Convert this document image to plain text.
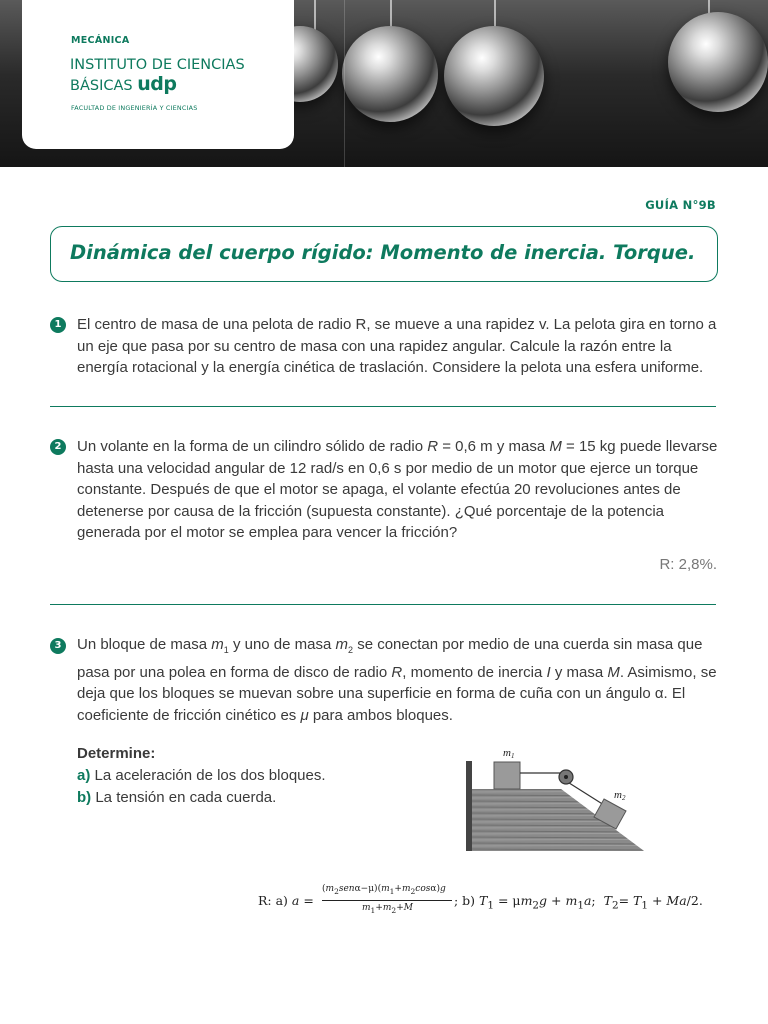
MECÁNICA
INSTITUTO DE CIENCIAS
BÁSICAS udp
FACULTAD DE INGENIERÍA Y CIENCIAS
GUÍA N°9B
Dinámica del cuerpo rígido: Momento de inercia. Torque.
1	El centro de masa de una pelota de radio R, se mueve a una rapidez v. La pelota gira en torno a un eje que pasa por su centro de masa con una rapidez angular. Calcule la razón entre la energía rotacional y la energía cinética de traslación. Considere la pelota una esfera uniforme.
2	Un volante en la forma de un cilindro sólido de radio R = 0,6 m y masa M = 15 kg puede llevarse hasta una velocidad angular de 12 rad/s en 0,6 s por medio de un motor que ejerce un torque constante. Después de que el motor se apaga, el volante efectúa 20 revoluciones antes de detenerse por causa de la fricción (supuesta constante). ¿Qué porcentaje de la potencia generada por el motor se emplea para vencer la fricción?
R: 2,8%.
3	Un bloque de masa $m_1$ y uno de masa $m_2$ se conectan por medio de una cuerda sin masa que pasa por una polea en forma de disco de radio R, momento de inercia I y masa M. Asimismo, se deja que los bloques se muevan sobre una superficie en forma de cuña con un ángulo α. El coeficiente de fricción cinético es μ para ambos bloques.
Determine:
a) La aceleración de los dos bloques.
b) La tensión en cada cuerda.
m1
m2
R: a) a =
$(m_2sen\alpha-\mu)(m_1+m_2\cos\alpha)g$
$m_1+m_2+M$	; b) $T_1 = \mu m_2g + m_1a$;  $T_2= T_1 + Ma/2$.
